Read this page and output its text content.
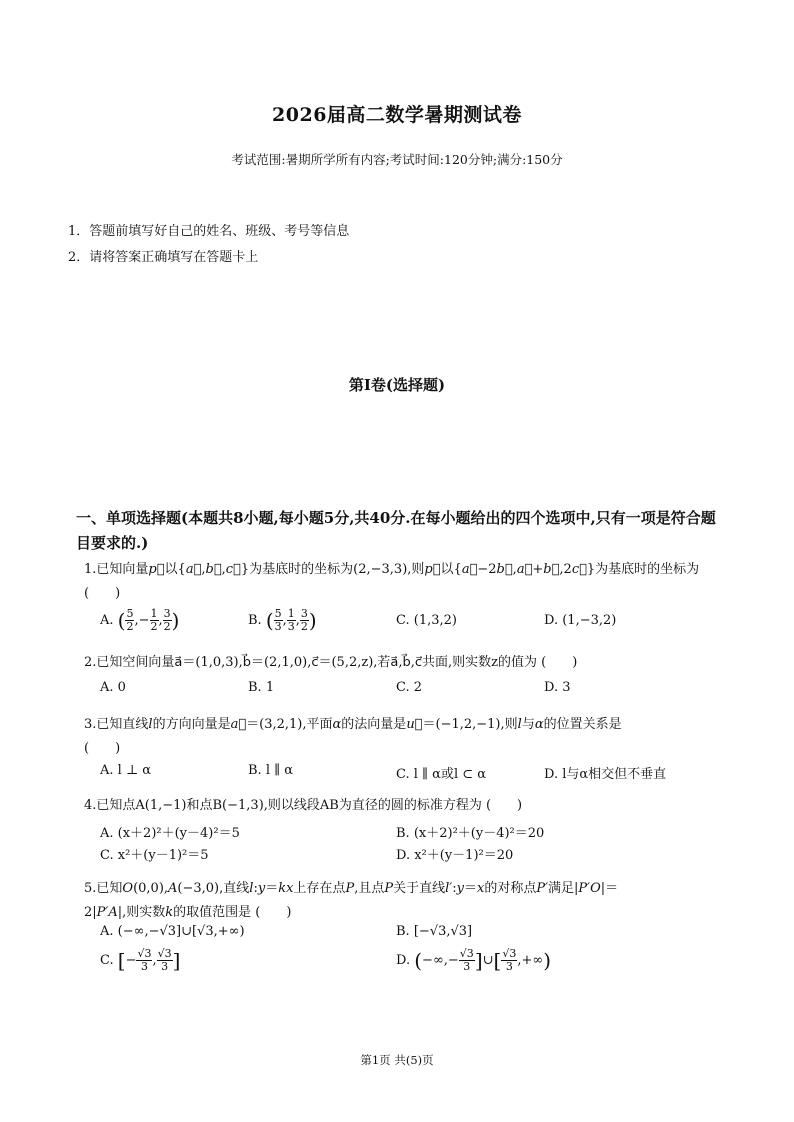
2026届高二数学暑期测试卷
考试范围:暑期所学所有内容;考试时间:120分钟;满分:150分
1．答题前填写好自己的姓名、班级、考号等信息
2．请将答案正确填写在答题卡上
第Ⅰ卷(选择题)
一、单项选择题(本题共8小题,每小题5分,共40分.在每小题给出的四个选项中,只有一项是符合题目要求的.)
1.已知向量p⃗以{a⃗,b⃗,c⃗}为基底时的坐标为(2,−3,3),则p⃗以{a⃗−2b⃗,a⃗+b⃗,2c⃗}为基底时的坐标为
(　　)
A. ( $\frac{5}{2}$ ,− $\frac{1}{2}$ , $\frac{3}{2}$ )	B. ( $\frac{5}{3}$ , $\frac{1}{3}$ , $\frac{3}{2}$ )	C. (1,3,2)	D. (1,−3,2)
2.已知空间向量a⃗＝(1,0,3),b⃗＝(2,1,0),c⃗＝(5,2,z),若a⃗,b⃗,c⃗共面,则实数z的值为 (　　)
A. 0	B. 1	C. 2	D. 3
3.已知直线l的方向向量是a⃗＝(3,2,1),平面α的法向量是u⃗＝(−1,2,−1),则l与α的位置关系是
(　　)
A. l ⊥ α	B. l ∥ α	C. l ∥ α或l ⊂ α	D. l与α相交但不垂直
4.已知点A(1,−1)和点B(−1,3),则以线段AB为直径的圆的标准方程为 (　　)
A. (x＋2)²＋(y－4)²＝5	B. (x＋2)²＋(y－4)²＝20
C. x²＋(y－1)²＝5	D. x²＋(y－1)²＝20
5.已知O(0,0),A(−3,0),直线l:y＝kx上存在点P,且点P关于直线l′:y＝x的对称点P′满足|P′O|＝
2|P′A|,则实数k的取值范围是 (　　)
A. (−∞,−√3]∪[√3,+∞)	B. [−√3,√3]
C. [− $\frac{√3}{3}$ , $\frac{√3}{3}$ ]	D. (−∞,− $\frac{√3}{3}$ ]∪[ $\frac{√3}{3}$ ,+∞)
第1页 共(5)页
